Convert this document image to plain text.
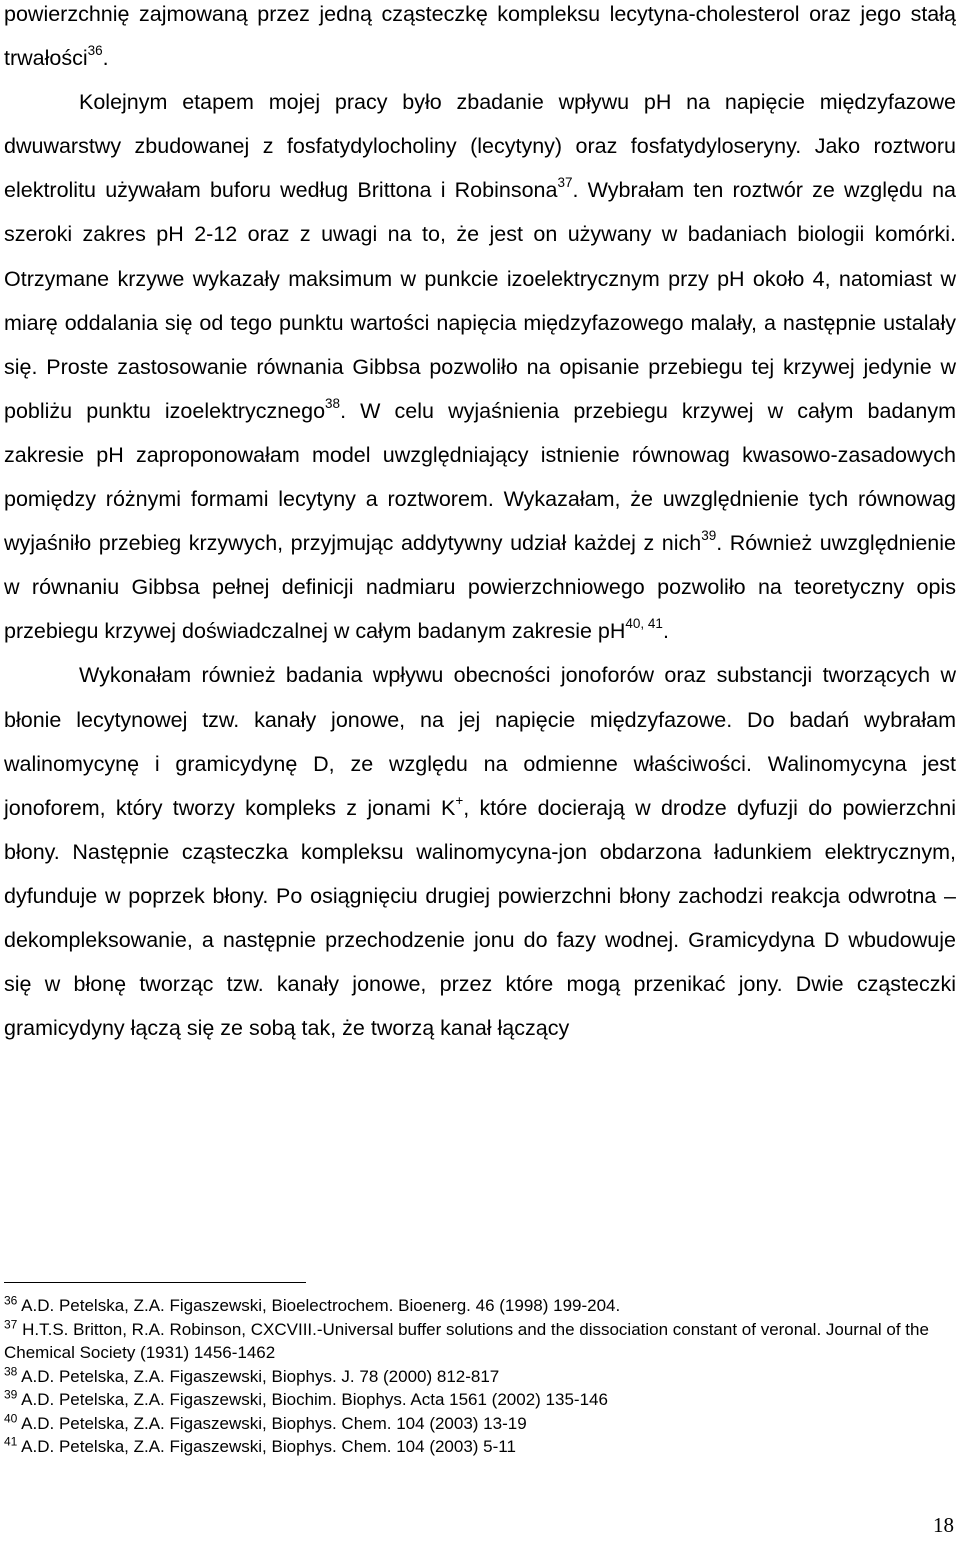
powierzchnię zajmowaną przez jedną cząsteczkę kompleksu lecytyna-cholesterol oraz jego stałą trwałości$^{36}$.

Kolejnym etapem mojej pracy było zbadanie wpływu pH na napięcie międzyfazowe dwuwarstwy zbudowanej z fosfatydylocholiny (lecytyny) oraz fosfatydyloseryny. Jako roztworu elektrolitu używałam buforu według Brittona i Robinsona$^{37}$. Wybrałam ten roztwór ze względu na szeroki zakres pH 2-12 oraz z uwagi na to, że jest on używany w badaniach biologii komórki. Otrzymane krzywe wykazały maksimum w punkcie izoelektrycznym przy pH około 4, natomiast w miarę oddalania się od tego punktu wartości napięcia międzyfazowego malały, a następnie ustalały się. Proste zastosowanie równania Gibbsa pozwoliło na opisanie przebiegu tej krzywej jedynie w pobliżu punktu izoelektrycznego$^{38}$. W celu wyjaśnienia przebiegu krzywej w całym badanym zakresie pH zaproponowałam model uwzględniający istnienie równowag kwasowo-zasadowych pomiędzy różnymi formami lecytyny a roztworem. Wykazałam, że uwzględnienie tych równowag wyjaśniło przebieg krzywych, przyjmując addytywny udział każdej z nich$^{39}$. Również uwzględnienie w równaniu Gibbsa pełnej definicji nadmiaru powierzchniowego pozwoliło na teoretyczny opis przebiegu krzywej doświadczalnej w całym badanym zakresie pH$^{40, 41}$.

Wykonałam również badania wpływu obecności jonoforów oraz substancji tworzących w błonie lecytynowej tzw. kanały jonowe, na jej napięcie międzyfazowe. Do badań wybrałam walinomycynę i gramicydynę D, ze względu na odmienne właściwości. Walinomycyna jest jonoforem, który tworzy kompleks z jonami K+, które docierają w drodze dyfuzji do powierzchni błony. Następnie cząsteczka kompleksu walinomycyna-jon obdarzona ładunkiem elektrycznym, dyfunduje w poprzek błony. Po osiągnięciu drugiej powierzchni błony zachodzi reakcja odwrotna – dekompleksowanie, a następnie przechodzenie jonu do fazy wodnej. Gramicydyna D wbudowuje się w błonę tworząc tzw. kanały jonowe, przez które mogą przenikać jony. Dwie cząsteczki gramicydyny łączą się ze sobą tak, że tworzą kanał łączący

$^{36}$ A.D. Petelska, Z.A. Figaszewski, Bioelectrochem. Bioenerg. 46 (1998) 199-204.

$^{37}$ H.T.S. Britton, R.A. Robinson, CXCVIII.-Universal buffer solutions and the dissociation constant of veronal. Journal of the Chemical Society (1931) 1456-1462

$^{38}$ A.D. Petelska, Z.A. Figaszewski, Biophys. J. 78 (2000) 812-817

$^{39}$ A.D. Petelska, Z.A. Figaszewski, Biochim. Biophys. Acta 1561 (2002) 135-146

$^{40}$ A.D. Petelska, Z.A. Figaszewski, Biophys. Chem. 104 (2003) 13-19

$^{41}$ A.D. Petelska, Z.A. Figaszewski, Biophys. Chem. 104 (2003) 5-11

18
